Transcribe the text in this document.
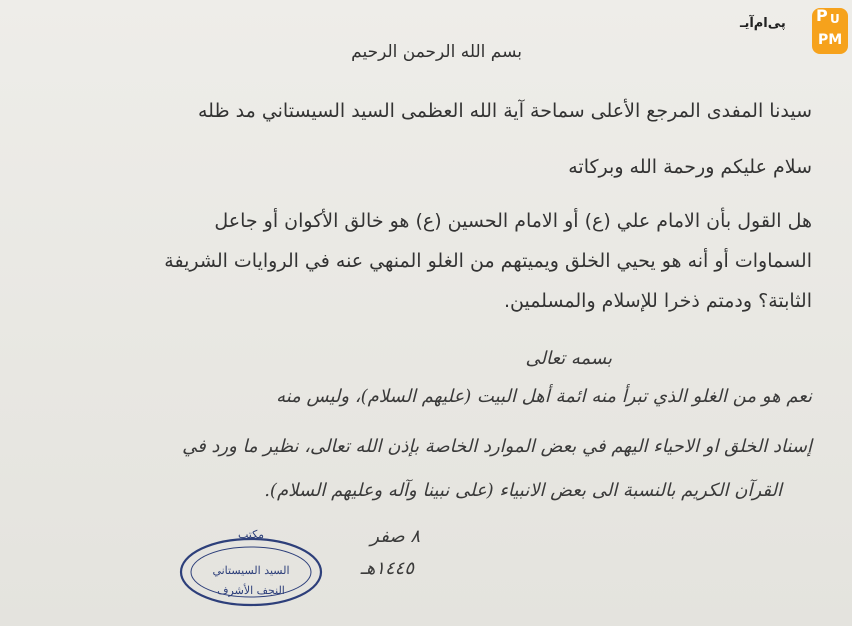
پی‌ام‌آیـ P U
PM
بسم الله الرحمن الرحيم
سيدنا المفدى المرجع الأعلى سماحة آية الله العظمى السيد السيستاني مد ظله
سلام عليكم ورحمة الله وبركاته
هل القول بأن الامام علي (ع) أو الامام الحسين (ع) هو خالق الأكوان أو جاعل
السماوات أو أنه هو يحيي الخلق ويميتهم من الغلو المنهي عنه في الروايات الشريفة
الثابتة؟ ودمتم ذخرا للإسلام والمسلمين.
بسمه تعالى
نعم هو من الغلو الذي تبرأ منه ائمة أهل البيت (عليهم السلام)، وليس منه
إسناد الخلق او الاحياء اليهم في بعض الموارد الخاصة بإذن الله تعالى، نظير ما ورد في
القرآن الكريم بالنسبة الى بعض الانبياء (على نبينا وآله وعليهم السلام).
٨ صفر
١٤٤٥هـ
مكتب
السيد السيستاني
النجف الأشرف
